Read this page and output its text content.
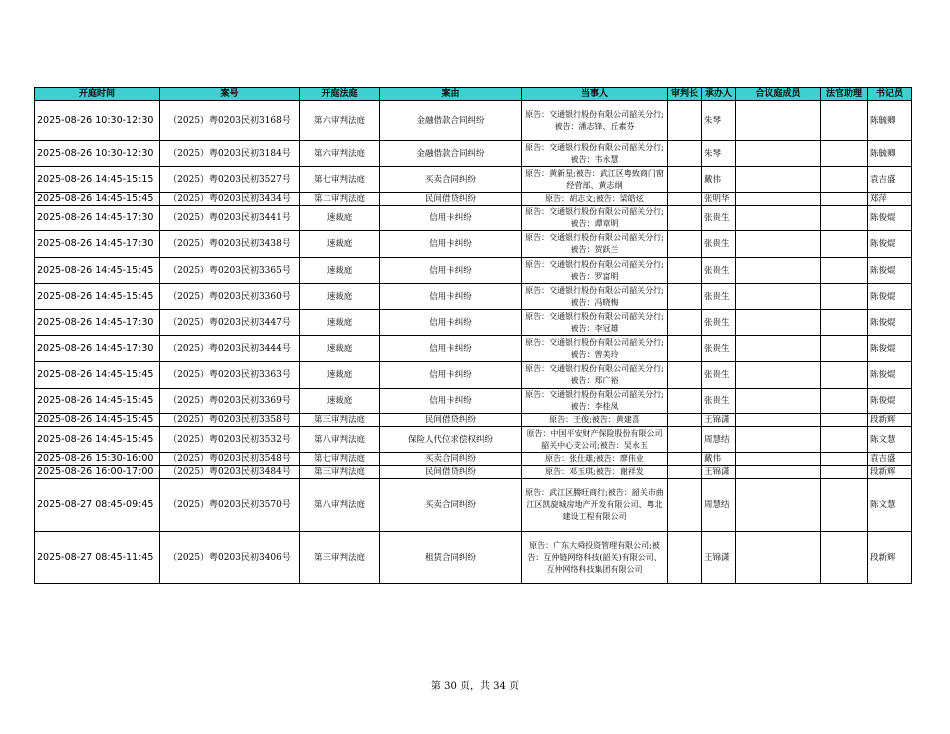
开庭时间	案号	开庭法庭	案由	当事人	审判长	承办人	合议庭成员	法官助理	书记员
2025-08-26 10:30-12:30	（2025）粤0203民初3168号	第六审判法庭	金融借款合同纠纷	原告：交通银行股份有限公司韶关分行;被告：潘志锋、丘素芬		朱琴			陈毓卿
2025-08-26 10:30-12:30	（2025）粤0203民初3184号	第六审判法庭	金融借款合同纠纷	原告：交通银行股份有限公司韶关分行;被告：韦永慧		朱琴			陈毓卿
2025-08-26 14:45-15:15	（2025）粤0203民初3527号	第七审判法庭	买卖合同纠纷	原告：黄新星;被告：武江区粤致商门窗经营部、黄志纲		戴伟			袁吉盛
2025-08-26 14:45-15:45	（2025）粤0203民初3434号	第二审判法庭	民间借贷纠纷	原告：胡志文;被告：梁皓炫		张明华			郑萍
2025-08-26 14:45-17:30	（2025）粤0203民初3441号	速裁庭	信用卡纠纷	原告：交通银行股份有限公司韶关分行;被告：谭章明		张贵生			陈俊焜
2025-08-26 14:45-17:30	（2025）粤0203民初3438号	速裁庭	信用卡纠纷	原告：交通银行股份有限公司韶关分行;被告：贺跃兰		张贵生			陈俊焜
2025-08-26 14:45-15:45	（2025）粤0203民初3365号	速裁庭	信用卡纠纷	原告：交通银行股份有限公司韶关分行;被告：罗富明		张贵生			陈俊焜
2025-08-26 14:45-15:45	（2025）粤0203民初3360号	速裁庭	信用卡纠纷	原告：交通银行股份有限公司韶关分行;被告：冯晓梅		张贵生			陈俊焜
2025-08-26 14:45-17:30	（2025）粤0203民初3447号	速裁庭	信用卡纠纷	原告：交通银行股份有限公司韶关分行;被告：李冠雄		张贵生			陈俊焜
2025-08-26 14:45-17:30	（2025）粤0203民初3444号	速裁庭	信用卡纠纷	原告：交通银行股份有限公司韶关分行;被告：曾美玲		张贵生			陈俊焜
2025-08-26 14:45-15:45	（2025）粤0203民初3363号	速裁庭	信用卡纠纷	原告：交通银行股份有限公司韶关分行;被告：郑广裕		张贵生			陈俊焜
2025-08-26 14:45-15:45	（2025）粤0203民初3369号	速裁庭	信用卡纠纷	原告：交通银行股份有限公司韶关分行;被告：李桂凤		张贵生			陈俊焜
2025-08-26 14:45-15:45	（2025）粤0203民初3358号	第三审判法庭	民间借贷纠纷	原告：王俊;被告：黄建喜		王锦潇			段新辉
2025-08-26 14:45-15:45	（2025）粤0203民初3532号	第八审判法庭	保险人代位求偿权纠纷	原告：中国平安财产保险股份有限公司韶关中心支公司;被告：吴永玉		周慧结			陈文慧
2025-08-26 15:30-16:00	（2025）粤0203民初3548号	第七审判法庭	买卖合同纠纷	原告：张仕雄;被告：廖伟业		戴伟			袁吉盛
2025-08-26 16:00-17:00	（2025）粤0203民初3484号	第三审判法庭	民间借贷纠纷	原告：邓玉琪;被告：谢祥发		王锦潇			段新辉
2025-08-27 08:45-09:45	（2025）粤0203民初3570号	第八审判法庭	买卖合同纠纷	原告：武江区腾旺商行;被告：韶关市曲江区凯旋城房地产开发有限公司、粤北建设工程有限公司		周慧结			陈文慧
2025-08-27 08:45-11:45	（2025）粤0203民初3406号	第三审判法庭	租赁合同纠纷	原告：广东大舜投资管理有限公司;被告：互仲链网络科技(韶关)有限公司、互仲网络科技集团有限公司		王锦潇			段新辉
第 30 页，共 34 页
